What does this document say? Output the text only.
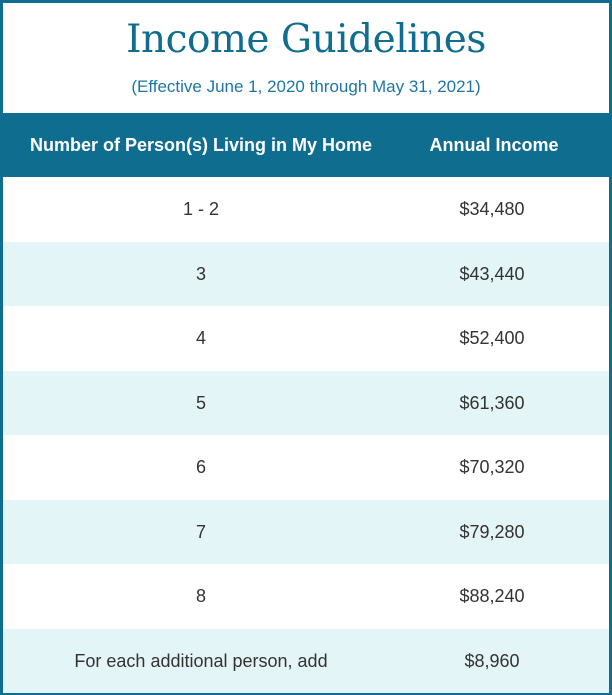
Income Guidelines
(Effective June 1, 2020 through May 31, 2021)
Number of Person(s) Living in My Home	Annual Income
1 - 2	$34,480
3	$43,440
4	$52,400
5	$61,360
6	$70,320
7	$79,280
8	$88,240
For each additional person, add	$8,960
